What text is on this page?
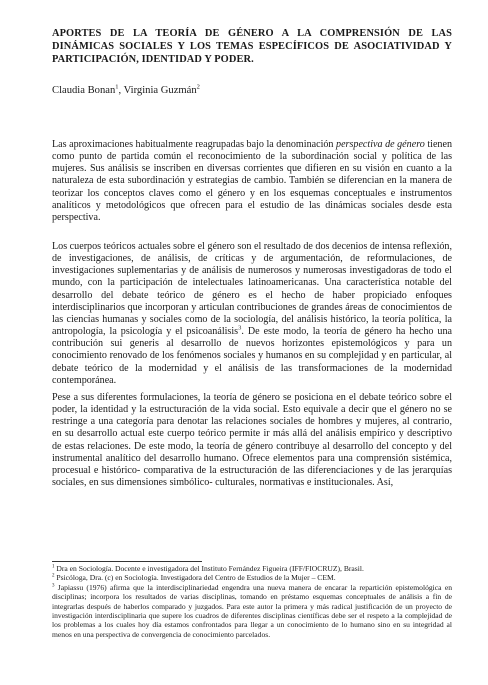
APORTES DE LA TEORÍA DE GÉNERO A LA COMPRENSIÓN DE LAS DINÁMICAS SOCIALES Y LOS TEMAS ESPECÍFICOS DE ASOCIATIVIDAD Y PARTICIPACIÓN, IDENTIDAD Y PODER.
Claudia Bonan$^1$, Virginia Guzmán$^2$

Las aproximaciones habitualmente reagrupadas bajo la denominación perspectiva de género tienen como punto de partida común el reconocimiento de la subordinación social y política de las mujeres. Sus análisis se inscriben en diversas corrientes que difieren en su visión en cuanto a la naturaleza de esta subordinación y estrategias de cambio. También se diferencian en la manera de teorizar los conceptos claves como el género y en los esquemas conceptuales e instrumentos analíticos y metodológicos que ofrecen para el estudio de las dinámicas sociales desde esta perspectiva.

Los cuerpos teóricos actuales sobre el género son el resultado de dos decenios de intensa reflexión, de investigaciones, de análisis, de críticas y de argumentación, de reformulaciones, de investigaciones suplementarias y de análisis de numerosos y numerosas investigadoras de todo el mundo, con la participación de intelectuales latinoamericanas. Una característica notable del desarrollo del debate teórico de género es el hecho de haber propiciado enfoques interdisciplinarios que incorporan y articulan contribuciones de grandes áreas de conocimientos de las ciencias humanas y sociales como de la sociología, del análisis histórico, la teoría política, la antropología, la psicología y el psicoanálisis$^3$. De este modo, la teoría de género ha hecho una contribución sui generis al desarrollo de nuevos horizontes epistemológicos y para un conocimiento renovado de los fenómenos sociales y humanos en su complejidad y en particular, al debate teórico de la modernidad y el análisis de las transformaciones de la modernidad contemporánea.

Pese a sus diferentes formulaciones, la teoría de género se posiciona en el debate teórico sobre el poder, la identidad y la estructuración de la vida social. Esto equivale a decir que el género no se restringe a una categoría para denotar las relaciones sociales de hombres y mujeres, al contrario, en su desarrollo actual este cuerpo teórico permite ir más allá del análisis empírico y descriptivo de estas relaciones. De este modo, la teoría de género contribuye al desarrollo del concepto y del instrumental analítico del desarrollo humano. Ofrece elementos para una comprensión sistémica, procesual e histórico- comparativa de la estructuración de las diferenciaciones y de las jerarquías sociales, en sus dimensiones simbólico- culturales, normativas e institucionales. Así,

$^1$ Dra en Sociología. Docente e investigadora del Instituto Fernández Figueira (IFF/FIOCRUZ), Brasil.

$^2$ Psicóloga, Dra. (c) en Sociología. Investigadora del Centro de Estudios de la Mujer – CEM.

$^3$ Japiassu (1976) afirma que la interdisciplinariedad engendra una nueva manera de encarar la repartición epistemológica en disciplinas; incorpora los resultados de varias disciplinas, tomando en préstamo esquemas conceptuales de análisis a fin de integrarlas después de haberlos comparado y juzgados. Para este autor la primera y más radical justificación de un proyecto de investigación interdisciplinaria que supere los cuadros de diferentes disciplinas científicas debe ser el respeto a la complejidad de los problemas a los cuales hoy día estamos confrontados para llegar a un conocimiento de lo humano sino en su integridad al menos en una perspectiva de convergencia de conocimiento parcelados.
